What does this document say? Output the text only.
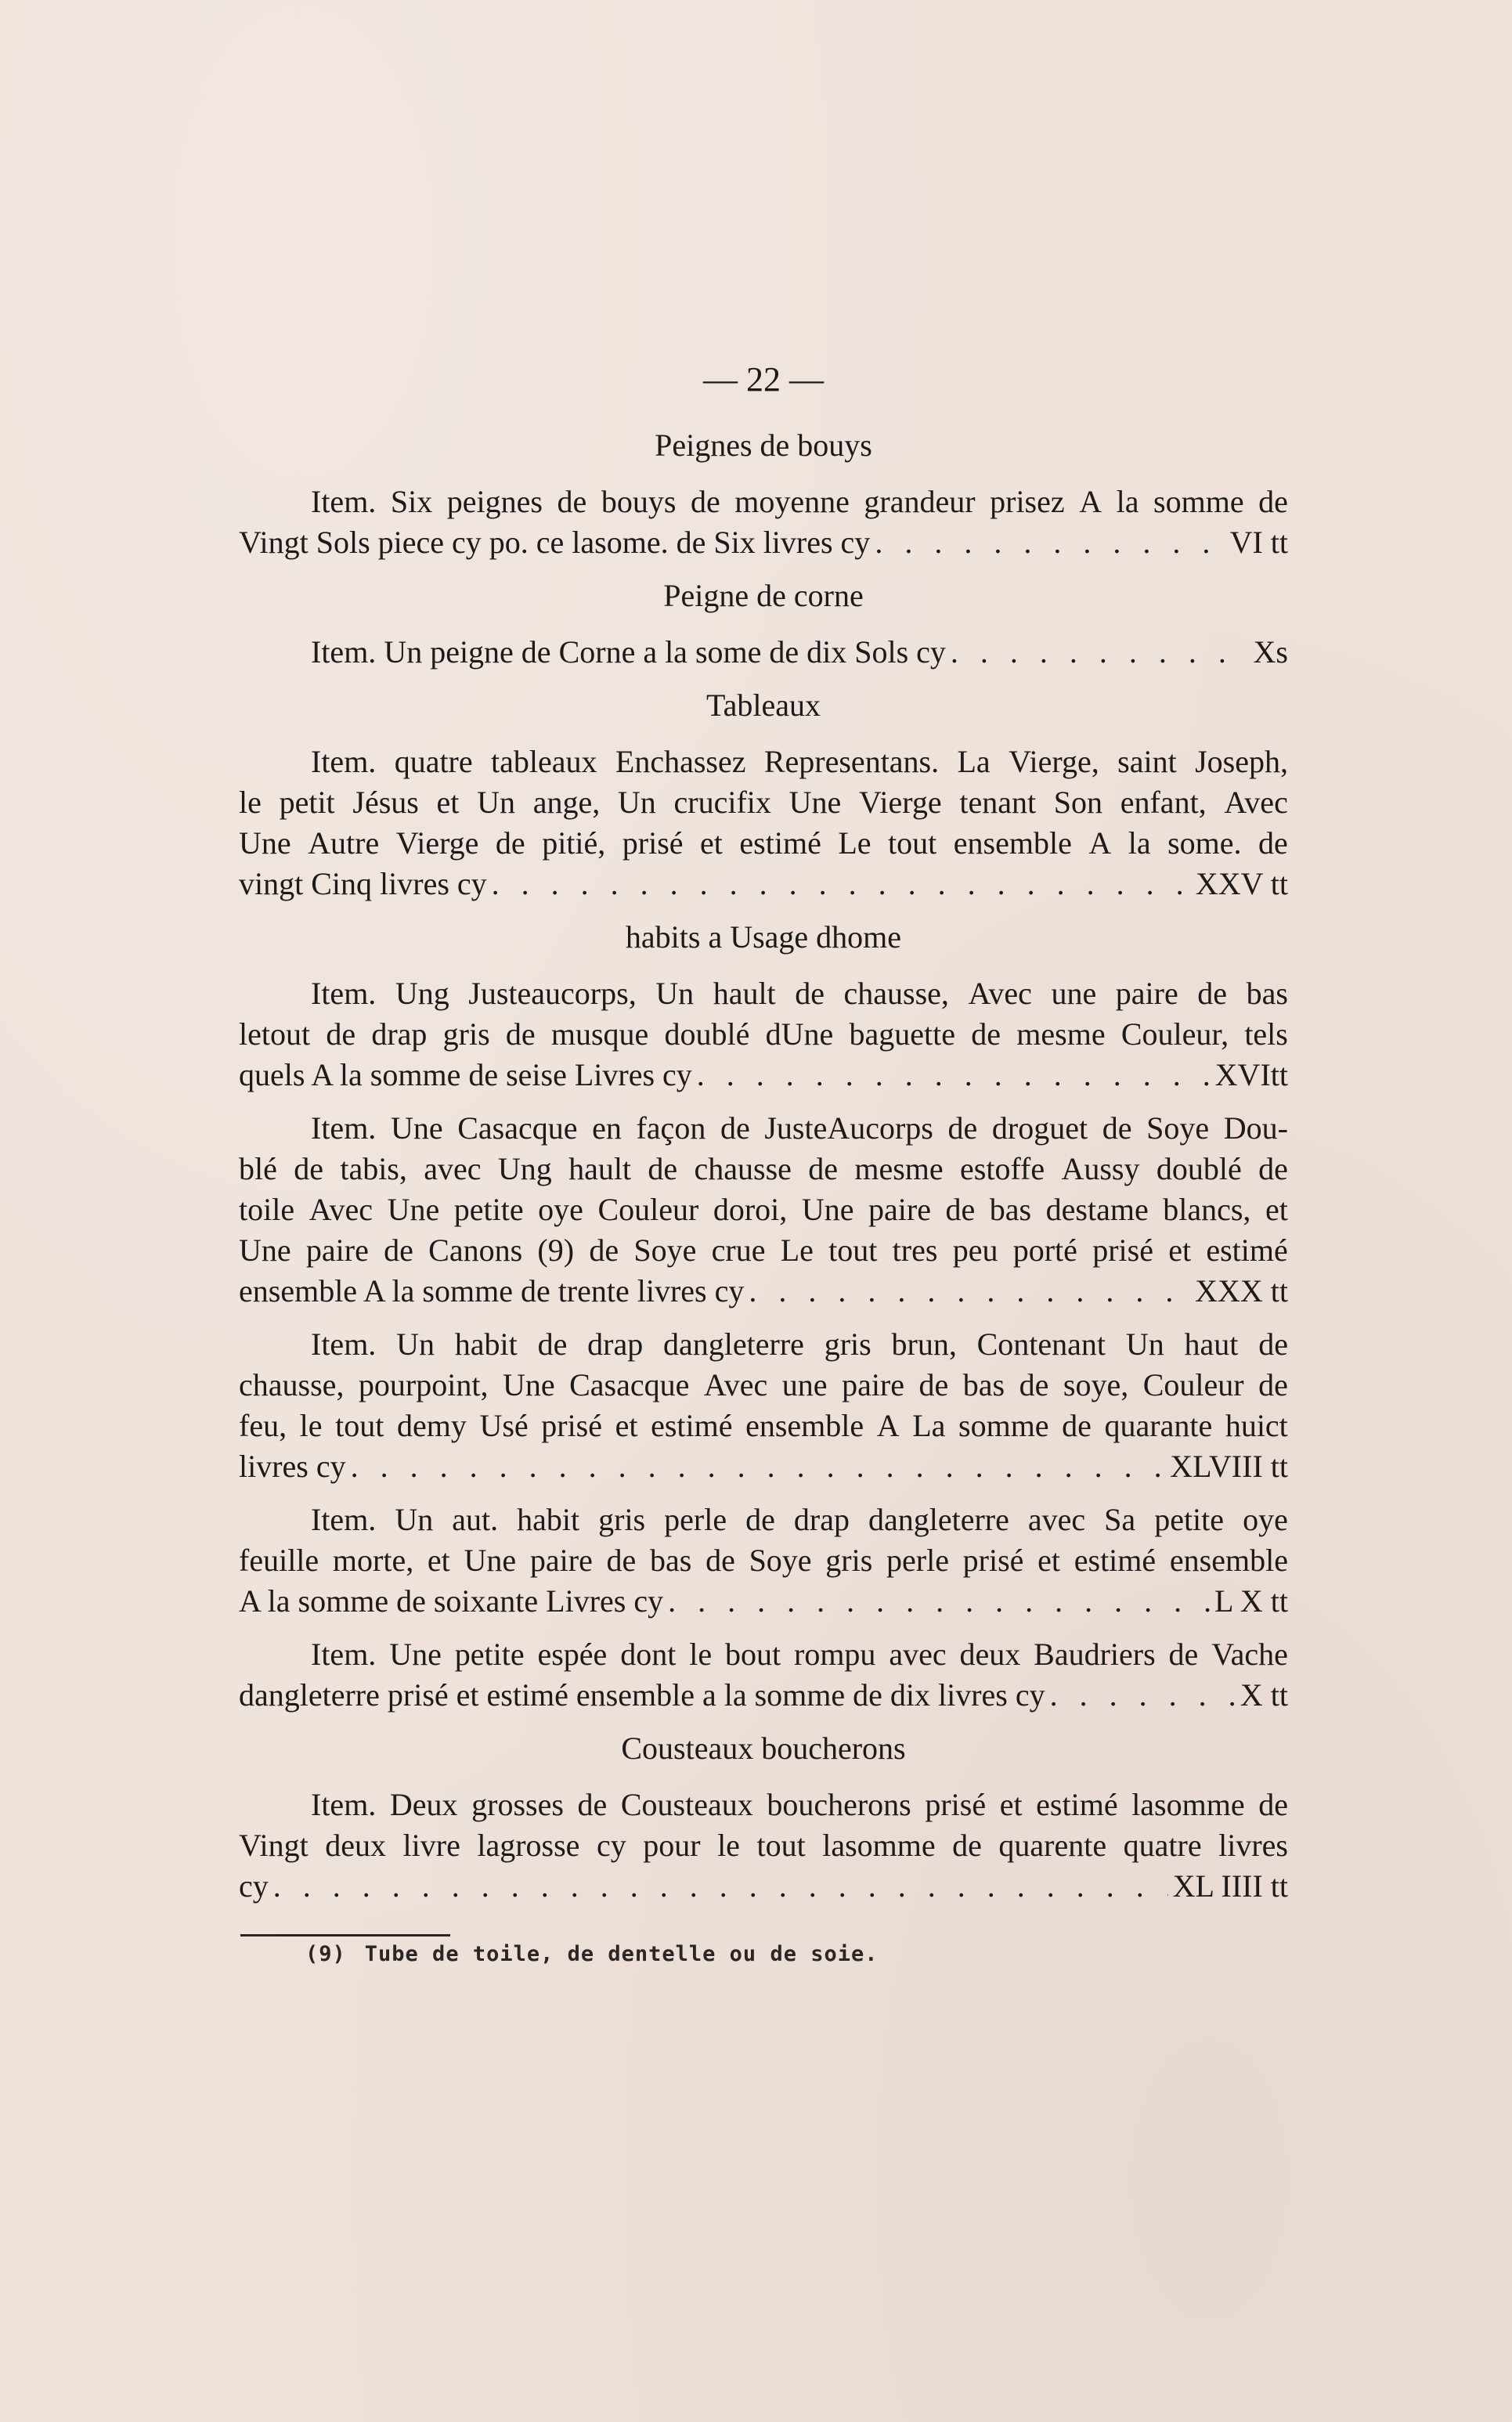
— 22 —
Peignes de bouys
Item. Six peignes de bouys de moyenne grandeur prisez A la somme de
Vingt Sols piece cy po. ce lasome. de Six livres cy . . .	VI tt
Peigne de corne
Item. Un peigne de Corne a la some de dix Sols cy . . .	Xs
Tableaux
Item. quatre tableaux Enchassez Representans. La Vierge, saint Joseph,
le petit Jésus et Un ange, Un crucifix Une Vierge tenant Son enfant, Avec
Une Autre Vierge de pitié, prisé et estimé Le tout ensemble A la some. de
vingt Cinq livres cy . . .	XXV tt
habits a Usage dhome
Item. Ung Justeaucorps, Un hault de chausse, Avec une paire de bas
letout de drap gris de musque doublé dUne baguette de mesme Couleur, tels
quels A la somme de seise Livres cy . . .	XVItt
Item. Une Casacque en façon de JusteAucorps de droguet de Soye Dou-
blé de tabis, avec Ung hault de chausse de mesme estoffe Aussy doublé de
toile Avec Une petite oye Couleur doroi, Une paire de bas destame blancs, et
Une paire de Canons (9) de Soye crue Le tout tres peu porté prisé et estimé
ensemble A la somme de trente livres cy . . .	XXX tt
Item. Un habit de drap dangleterre gris brun, Contenant Un haut de
chausse, pourpoint, Une Casacque Avec une paire de bas de soye, Couleur de
feu, le tout demy Usé prisé et estimé ensemble A La somme de quarante huict
livres cy . . .	XLVIII tt
Item. Un aut. habit gris perle de drap dangleterre avec Sa petite oye
feuille morte, et Une paire de bas de Soye gris perle prisé et estimé ensemble
A la somme de soixante Livres cy . . .	L X tt
Item. Une petite espée dont le bout rompu avec deux Baudriers de Vache
dangleterre prisé et estimé ensemble a la somme de dix livres cy . . .	X tt
Cousteaux boucherons
Item. Deux grosses de Cousteaux boucherons prisé et estimé lasomme de
Vingt deux livre lagrosse cy pour le tout lasomme de quarente quatre livres
cy . . .	XL IIII tt
(9) Tube de toile, de dentelle ou de soie.
